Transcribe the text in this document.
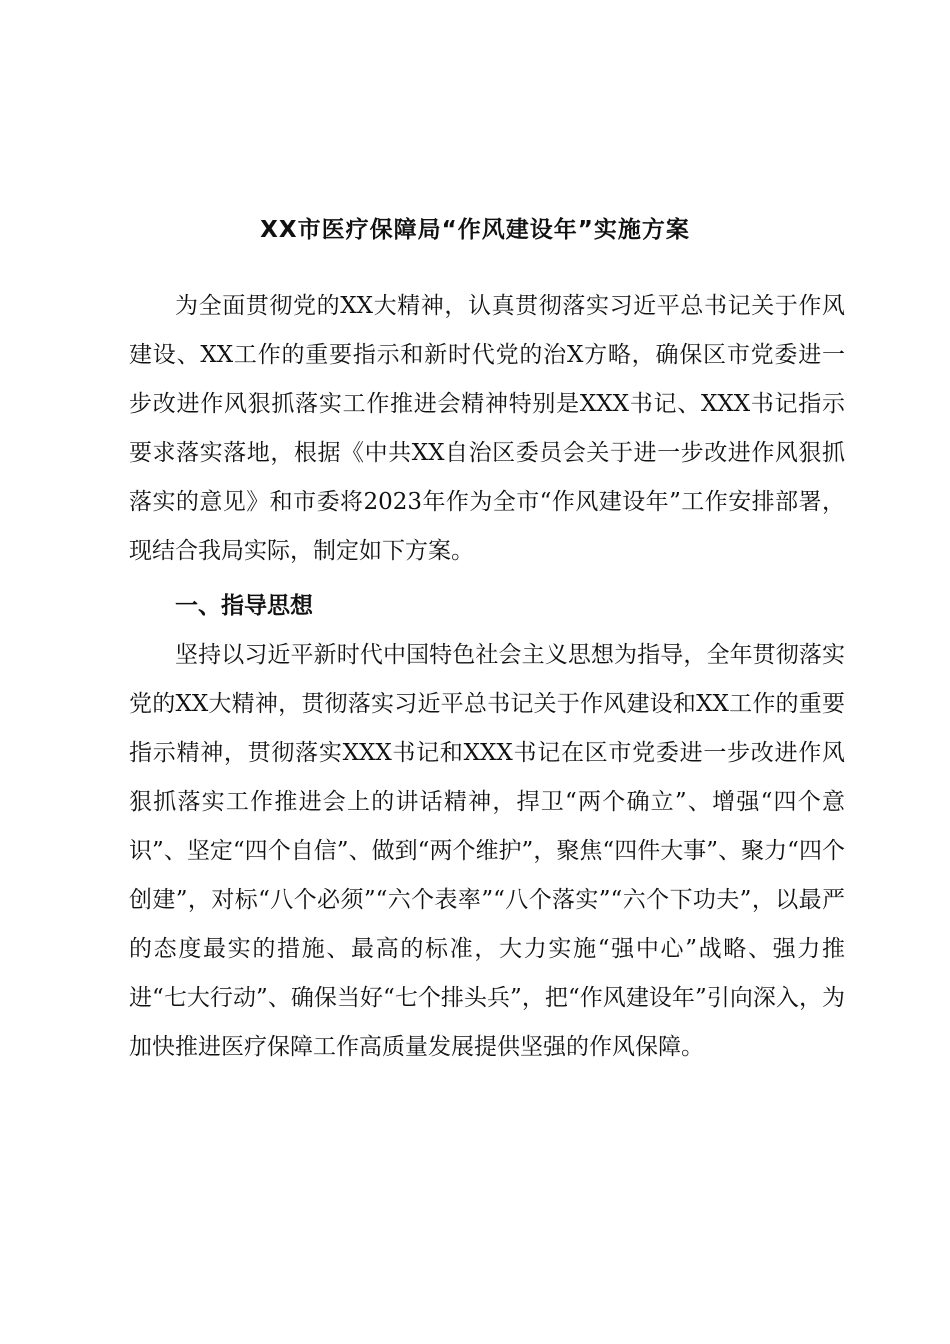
XX市医疗保障局“作风建设年”实施方案

为全面贯彻党的XX大精神，认真贯彻落实习近平总书记关于作风建设、XX工作的重要指示和新时代党的治X方略，确保区市党委进一步改进作风狠抓落实工作推进会精神特别是XXX书记、XXX书记指示要求落实落地，根据《中共XX自治区委员会关于进一步改进作风狠抓落实的意见》和市委将2023年作为全市“作风建设年”工作安排部署，现结合我局实际，制定如下方案。

一、指导思想

坚持以习近平新时代中国特色社会主义思想为指导，全年贯彻落实党的XX大精神，贯彻落实习近平总书记关于作风建设和XX工作的重要指示精神，贯彻落实XXX书记和XXX书记在区市党委进一步改进作风狠抓落实工作推进会上的讲话精神，捍卫“两个确立”、增强“四个意识”、坚定“四个自信”、做到“两个维护”，聚焦“四件大事”、聚力“四个创建”，对标“八个必须”“六个表率”“八个落实”“六个下功夫”，以最严的态度最实的措施、最高的标准，大力实施“强中心”战略、强力推进“七大行动”、确保当好“七个排头兵”，把“作风建设年”引向深入，为加快推进医疗保障工作高质量发展提供坚强的作风保障。
